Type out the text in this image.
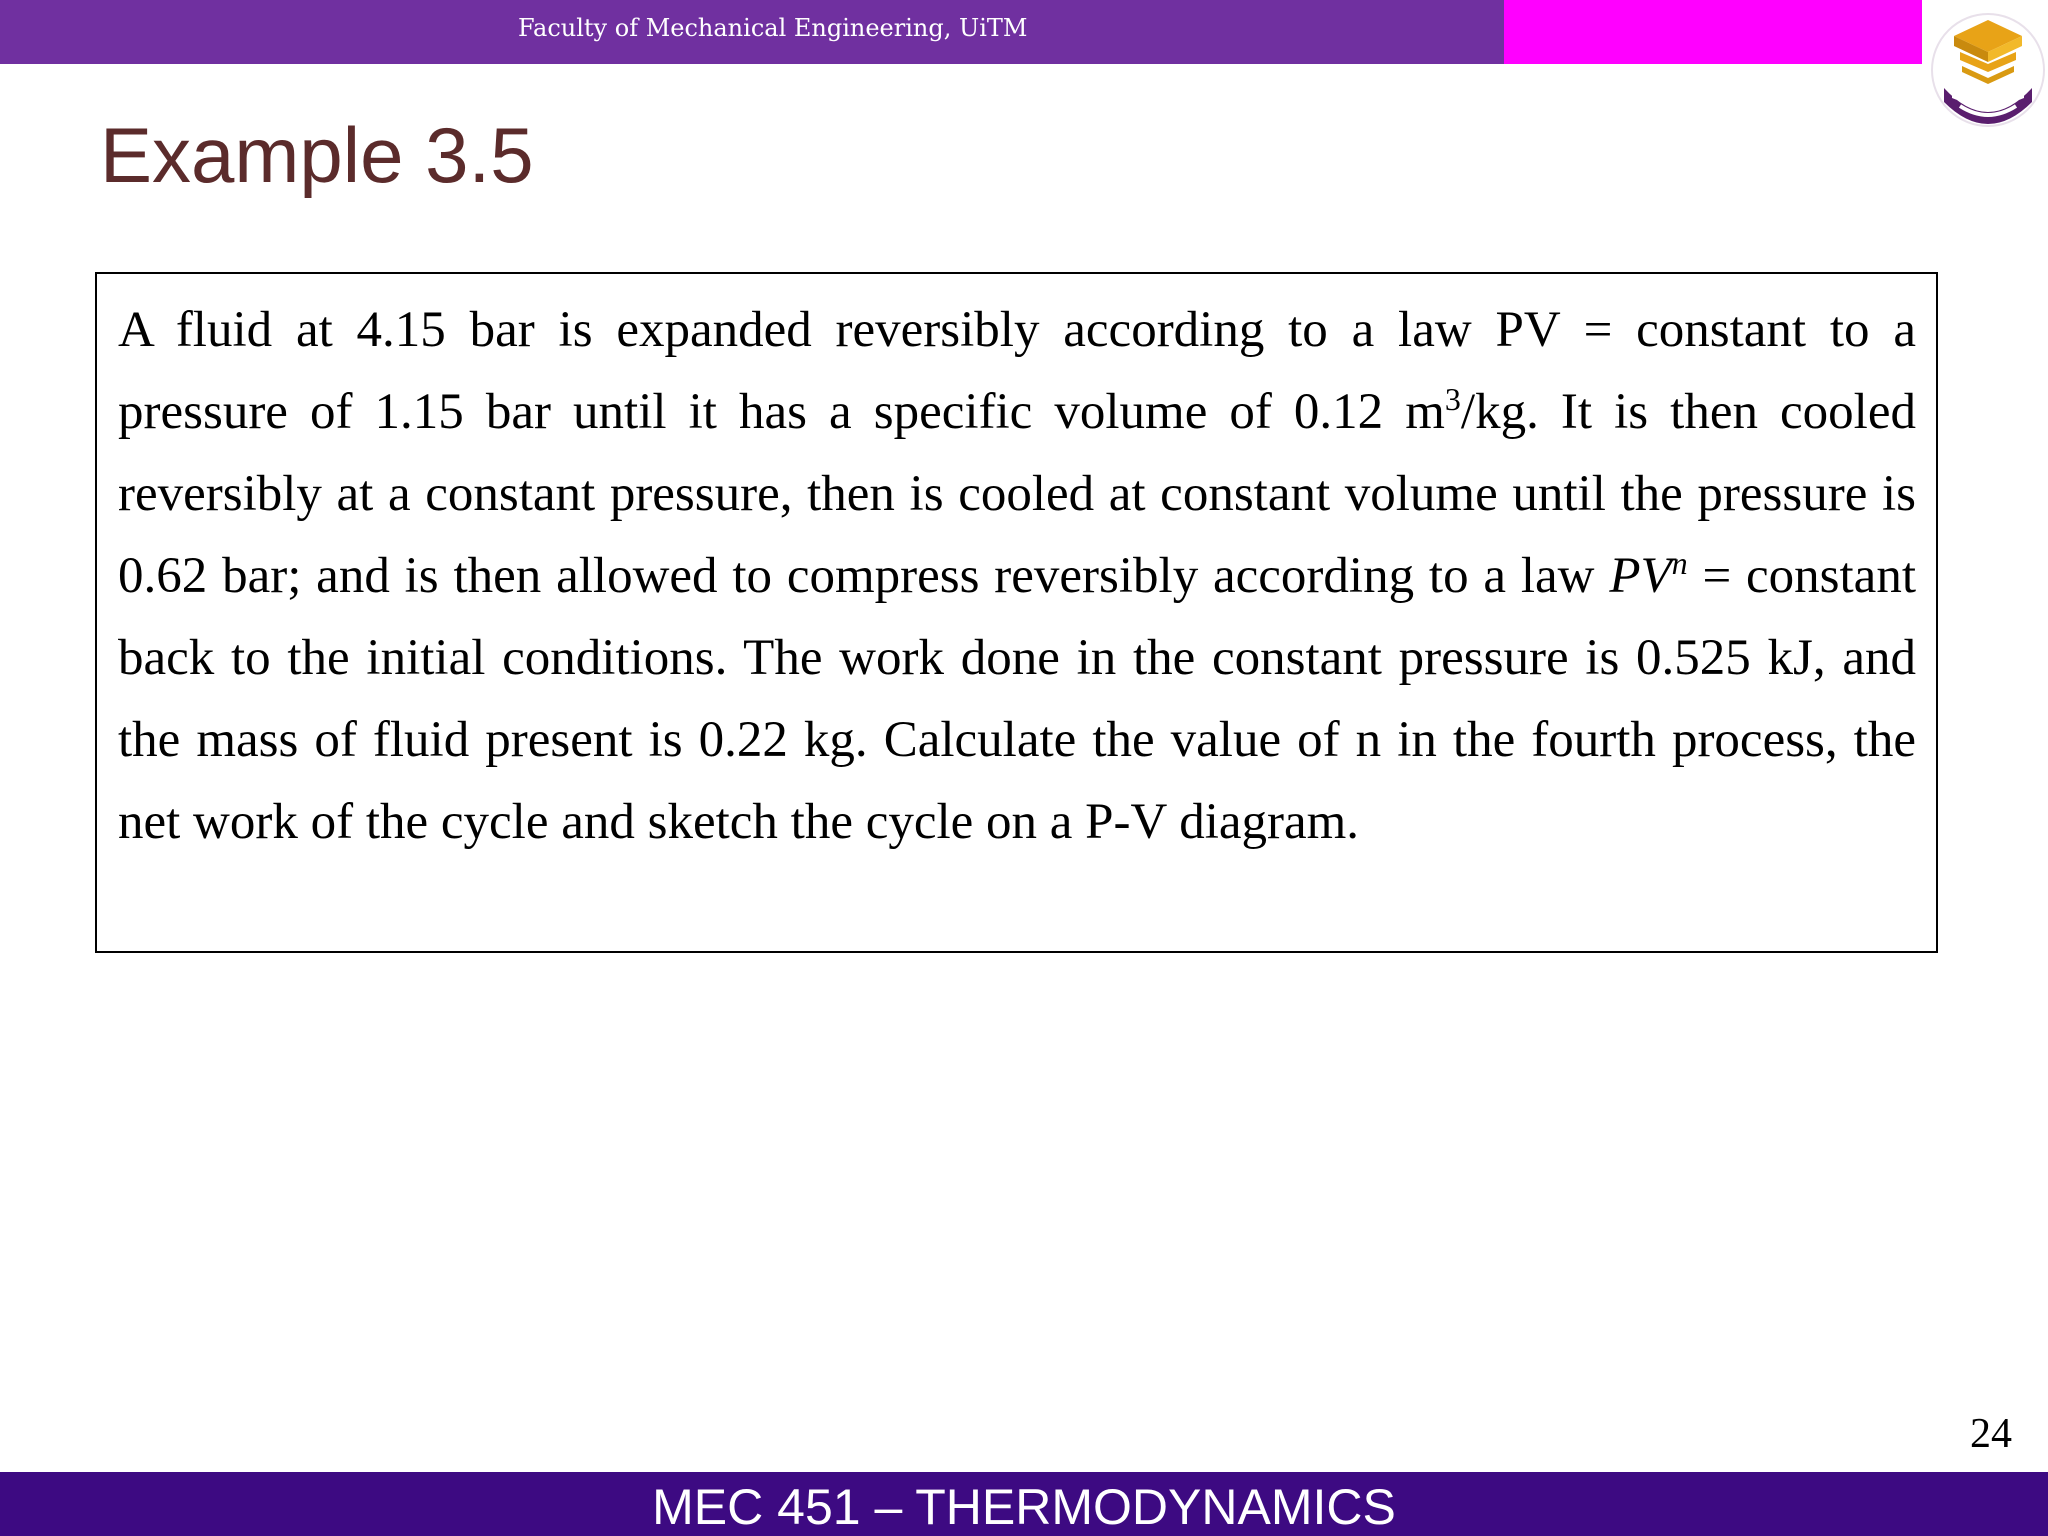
Faculty of Mechanical Engineering, UiTM
Example 3.5

A fluid at 4.15 bar is expanded reversibly according to a law PV = constant to a pressure of 1.15 bar until it has a specific volume of 0.12 $m^3/kg$. It is then cooled reversibly at a constant pressure, then is cooled at constant volume until the pressure is 0.62 bar; and is then allowed to compress reversibly according to a law $PV^n$ = constant back to the initial conditions. The work done in the constant pressure is 0.525 kJ, and the mass of fluid present is 0.22 kg. Calculate the value of n in the fourth process, the net work of the cycle and sketch the cycle on a P-V diagram.

24
MEC 451 – THERMODYNAMICS
